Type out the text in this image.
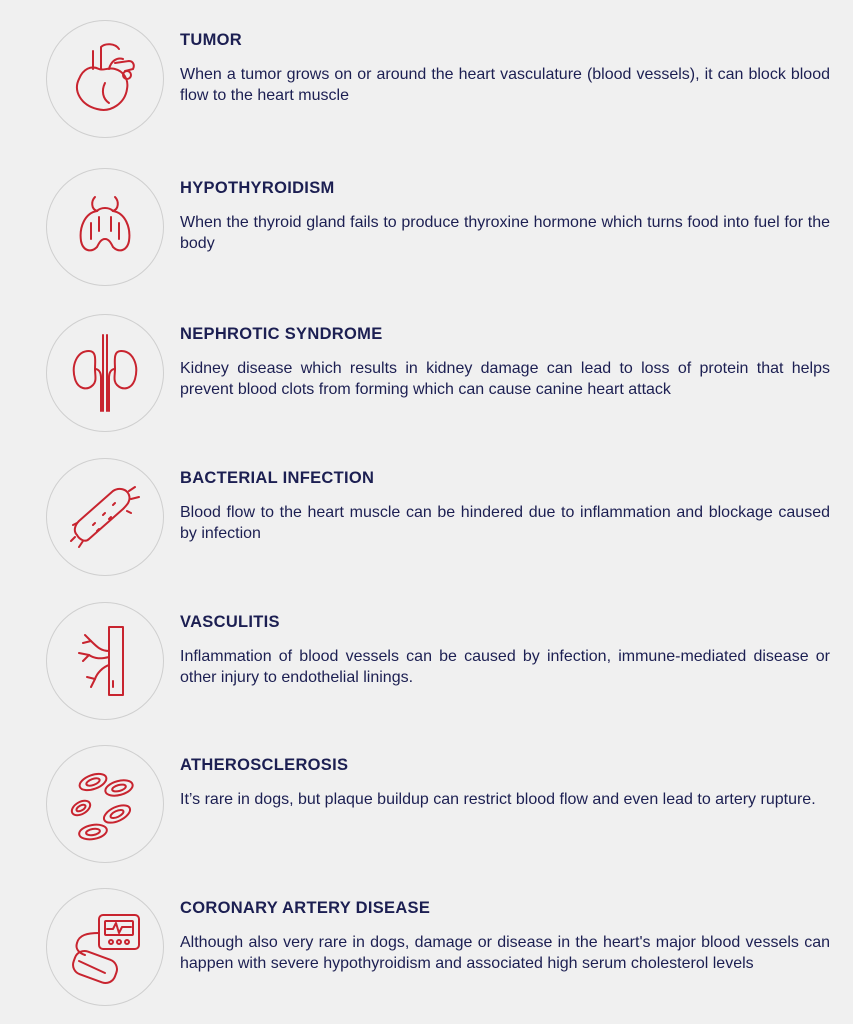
TUMOR

When a tumor grows on or around the heart vasculature (blood vessels), it can block blood flow to the heart muscle

HYPOTHYROIDISM

When the thyroid gland fails to produce thyroxine hormone which turns food into fuel for the body

NEPHROTIC SYNDROME

Kidney disease which results in kidney damage can lead to loss of protein that helps prevent blood clots from forming which can cause canine heart attack

BACTERIAL INFECTION

Blood flow to the heart muscle can be hindered due to inflammation and blockage caused by infection

VASCULITIS

Inflammation of blood vessels can be caused by infection, immune-mediated disease or other injury to endothelial linings.

ATHEROSCLEROSIS

It’s rare in dogs, but plaque buildup can restrict blood flow and even lead to artery rupture.

CORONARY ARTERY DISEASE

Although also very rare in dogs, damage or disease in the heart's major blood vessels can happen with severe hypothyroidism and associated high serum cholesterol levels
